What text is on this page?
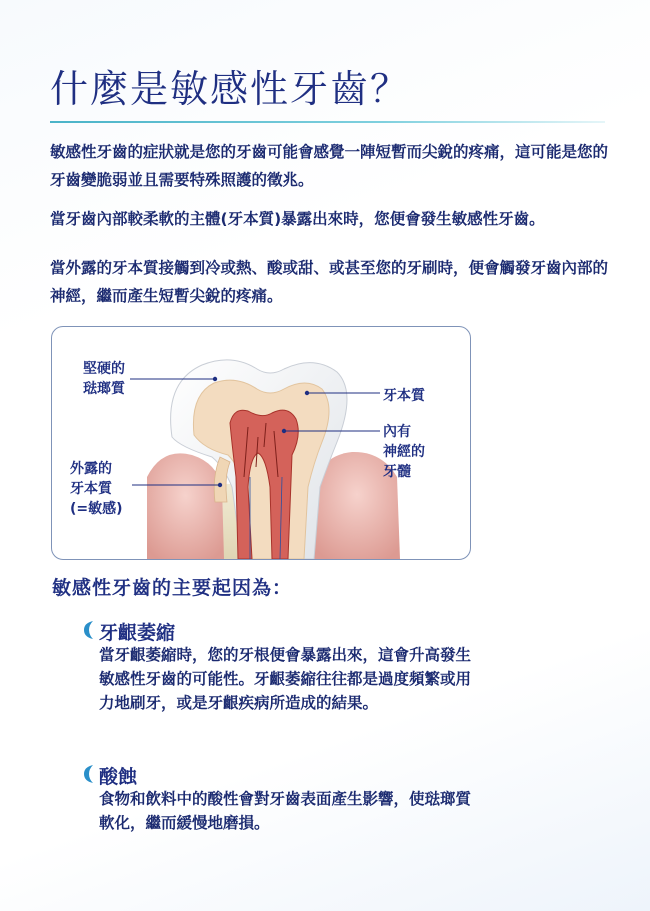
什麼是敏感性牙齒？

敏感性牙齒的症狀就是您的牙齒可能會感覺一陣短暫而尖銳的疼痛，這可能是您的牙齒變脆弱並且需要特殊照護的徵兆。

當牙齒內部較柔軟的主體(牙本質)暴露出來時，您便會發生敏感性牙齒。

當外露的牙本質接觸到冷或熱、酸或甜、或甚至您的牙刷時，便會觸發牙齒內部的神經，繼而產生短暫尖銳的疼痛。

堅硬的
琺瑯質	牙本質
內有
神經的
牙髓
外露的
牙本質
(=敏感)
敏感性牙齒的主要起因為：
牙齦萎縮

當牙齦萎縮時，您的牙根便會暴露出來，這會升高發生敏感性牙齒的可能性。牙齦萎縮往往都是過度頻繁或用力地刷牙，或是牙齦疾病所造成的結果。

酸蝕

食物和飲料中的酸性會對牙齒表面產生影響，使琺瑯質軟化，繼而緩慢地磨損。
